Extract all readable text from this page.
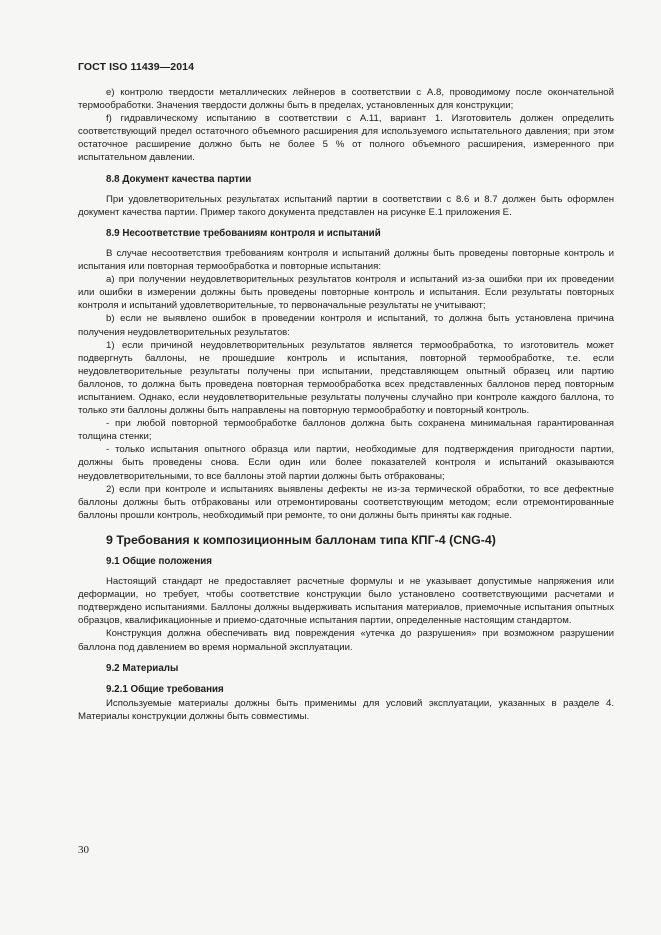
ГОСТ ISO 11439—2014

е) контролю твердости металлических лейнеров в соответствии с А.8, проводимому после окончательной термообработки. Значения твердости должны быть в пределах, установленных для конструкции;

f) гидравлическому испытанию в соответствии с А.11, вариант 1. Изготовитель должен определить соответствующий предел остаточного объемного расширения для используемого испытательного давления; при этом остаточное расширение должно быть не более 5 % от полного объемного расширения, измеренного при испытательном давлении.

8.8 Документ качества партии

При удовлетворительных результатах испытаний партии в соответствии с 8.6 и 8.7 должен быть оформлен документ качества партии. Пример такого документа представлен на рисунке Е.1 приложения Е.

8.9 Несоответствие требованиям контроля и испытаний

В случае несоответствия требованиям контроля и испытаний должны быть проведены повторные контроль и испытания или повторная термообработка и повторные испытания:

а) при получении неудовлетворительных результатов контроля и испытаний из-за ошибки при их проведении или ошибки в измерении должны быть проведены повторные контроль и испытания. Если результаты повторных контроля и испытаний удовлетворительные, то первоначальные результаты не учитывают;

b) если не выявлено ошибок в проведении контроля и испытаний, то должна быть установлена причина получения неудовлетворительных результатов:

1) если причиной неудовлетворительных результатов является термообработка, то изготовитель может подвергнуть баллоны, не прошедшие контроль и испытания, повторной термообработке, т.е. если неудовлетворительные результаты получены при испытании, представляющем опытный образец или партию баллонов, то должна быть проведена повторная термообработка всех представленных баллонов перед повторным испытанием. Однако, если неудовлетворительные результаты получены случайно при контроле каждого баллона, то только эти баллоны должны быть направлены на повторную термообработку и повторный контроль.

- при любой повторной термообработке баллонов должна быть сохранена минимальная гарантированная толщина стенки;

- только испытания опытного образца или партии, необходимые для подтверждения пригодности партии, должны быть проведены снова. Если один или более показателей контроля и испытаний оказываются неудовлетворительными, то все баллоны этой партии должны быть отбракованы;

2) если при контроле и испытаниях выявлены дефекты не из-за термической обработки, то все дефектные баллоны должны быть отбракованы или отремонтированы соответствующим методом; если отремонтированные баллоны прошли контроль, необходимый при ремонте, то они должны быть приняты как годные.

9 Требования к композиционным баллонам типа КПГ-4 (CNG-4)
9.1 Общие положения

Настоящий стандарт не предоставляет расчетные формулы и не указывает допустимые напряжения или деформации, но требует, чтобы соответствие конструкции было установлено соответствующими расчетами и подтверждено испытаниями. Баллоны должны выдерживать испытания материалов, приемочные испытания опытных образцов, квалификационные и приемо-сдаточные испытания партии, определенные настоящим стандартом.

Конструкция должна обеспечивать вид повреждения «утечка до разрушения» при возможном разрушении баллона под давлением во время нормальной эксплуатации.

9.2 Материалы
9.2.1 Общие требования

Используемые материалы должны быть применимы для условий эксплуатации, указанных в разделе 4. Материалы конструкции должны быть совместимы.

30
